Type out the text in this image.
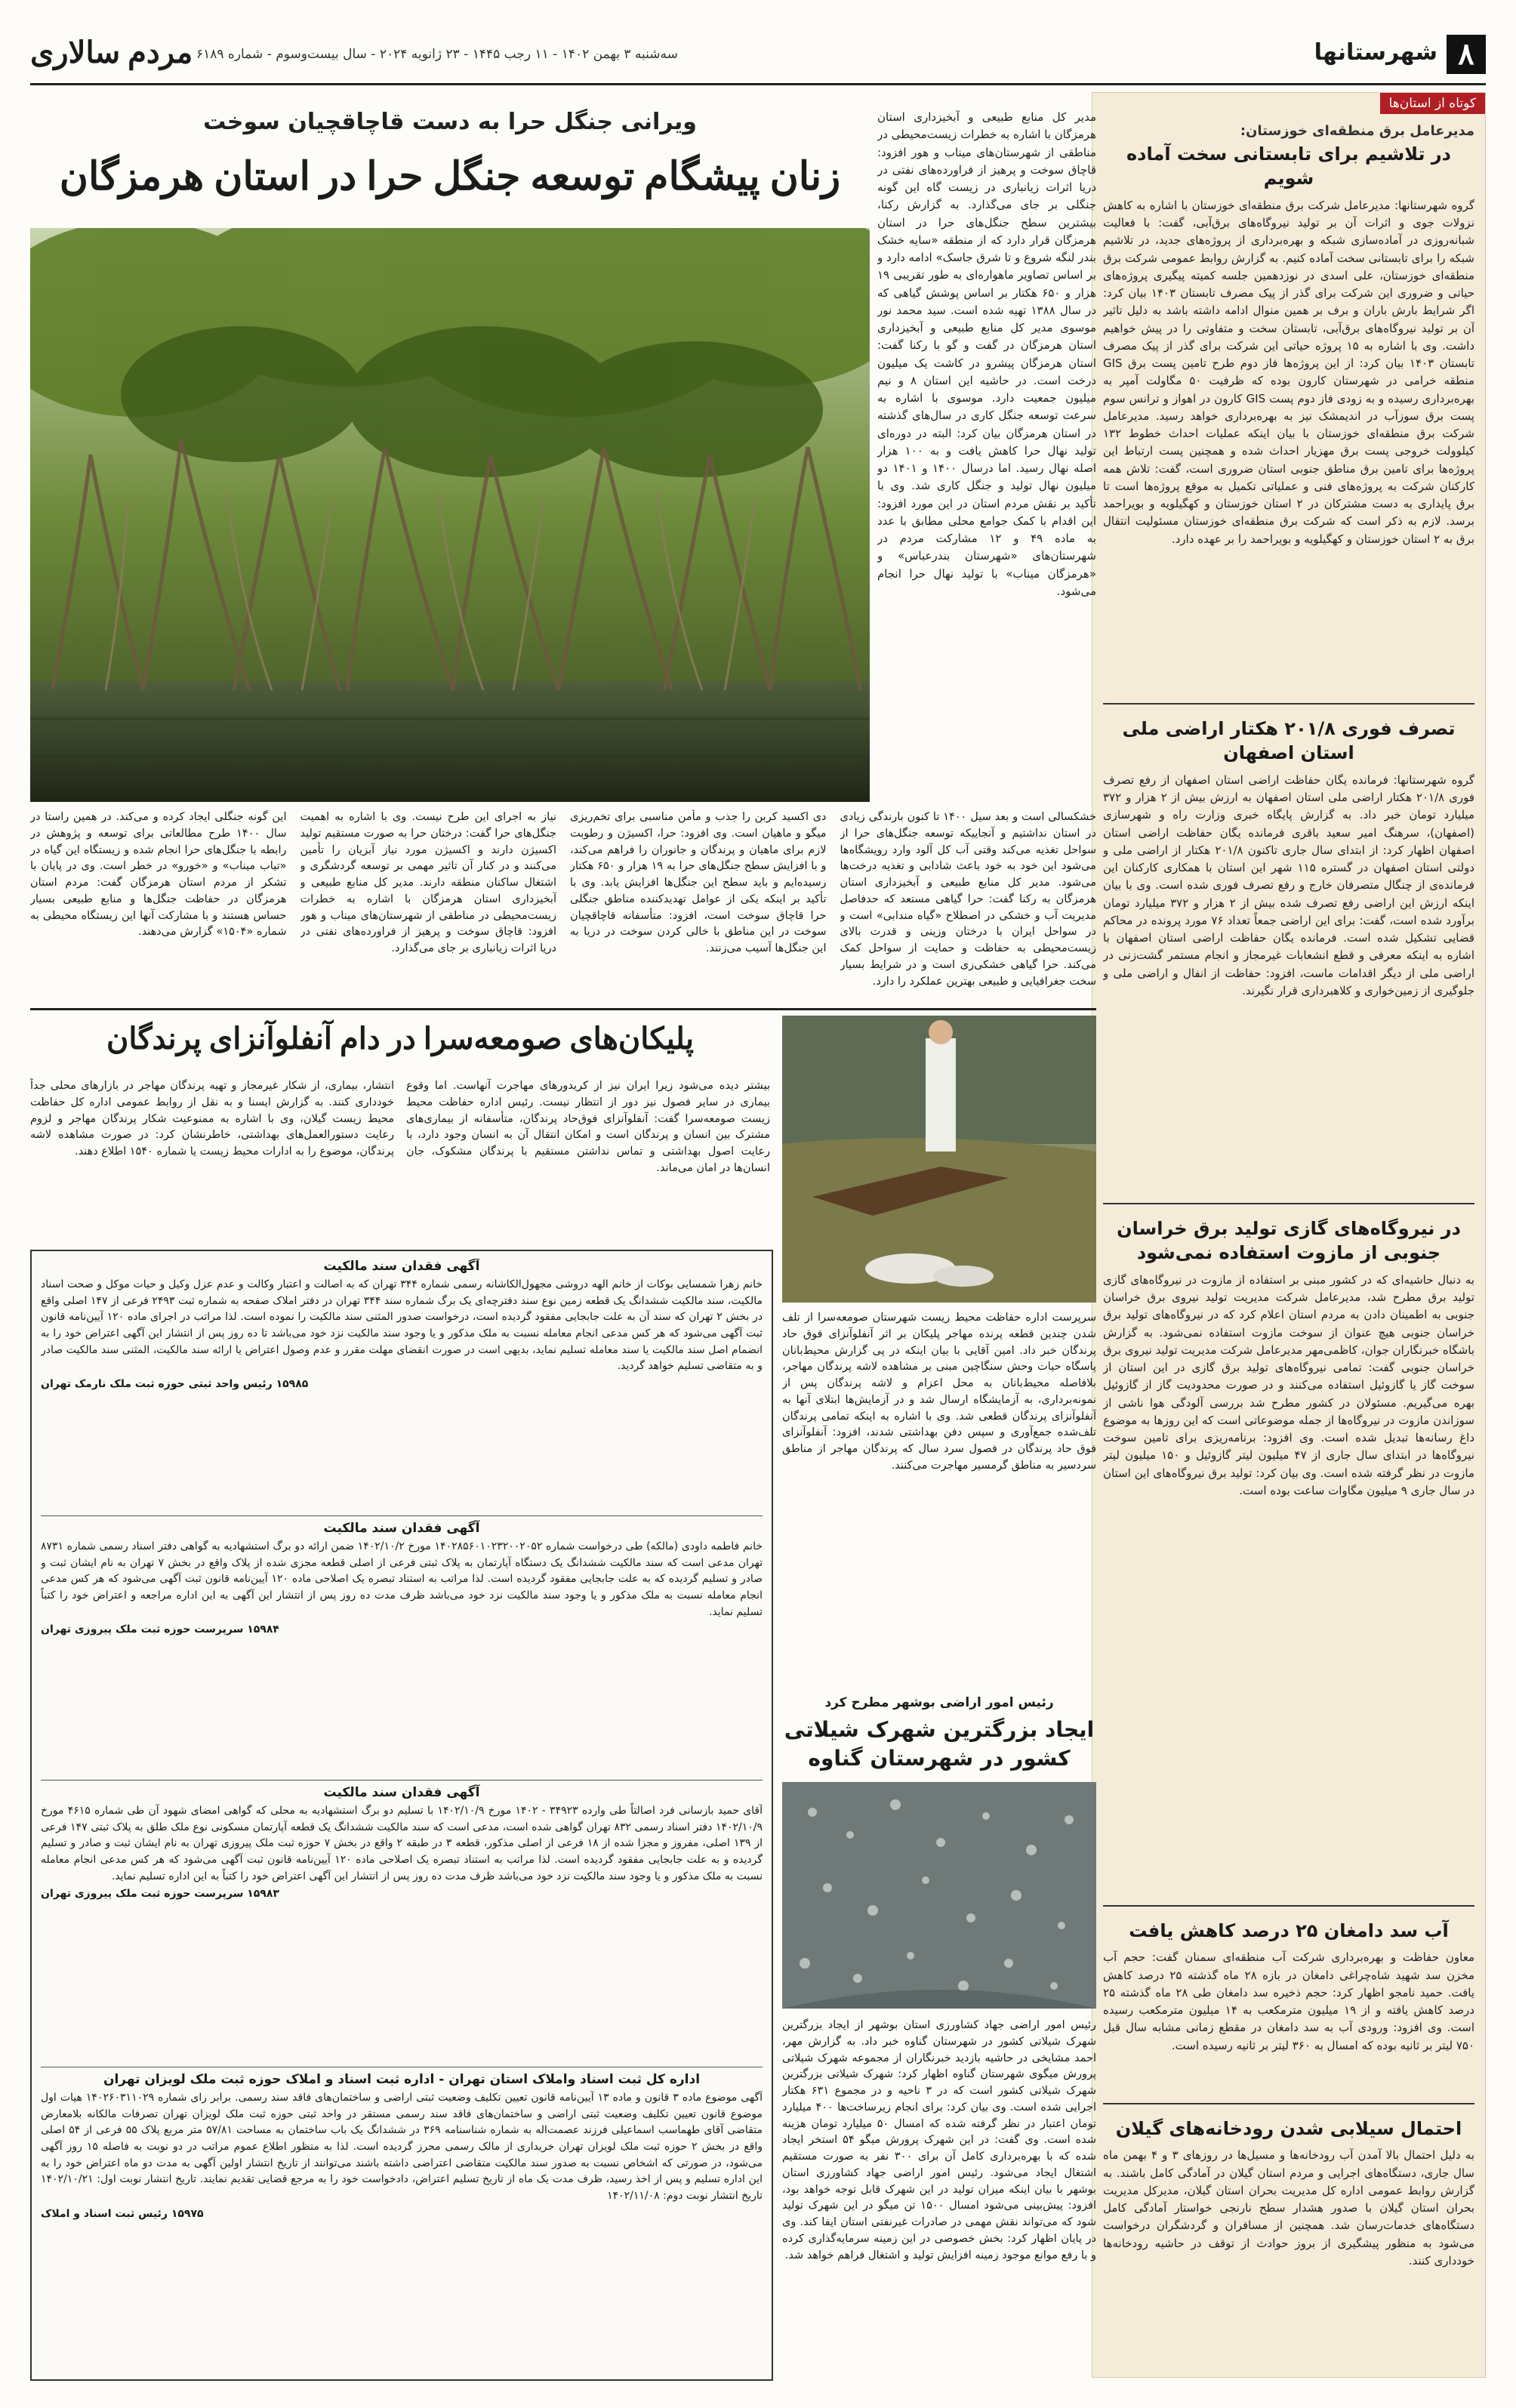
۸
شهرستانها
مردم سالاری سه‌شنبه ۳ بهمن ۱۴۰۲ - ۱۱ رجب ۱۴۴۵ - ۲۳ ژانویه ۲۰۲۴ - سال بیست‌وسوم - شماره ۶۱۸۹
کوتاه از استان‌ها
مدیرعامل برق منطقه‌ای خوزستان:
در تلاشیم برای تابستانی سخت آماده شویم
گروه شهرستانها: مدیرعامل شرکت برق منطقه‌ای خوزستان با اشاره به کاهش نزولات جوی و اثرات آن بر تولید نیروگاه‌های برق‌آبی، گفت: با فعالیت شبانه‌روزی در آماده‌سازی شبکه و بهره‌برداری از پروژه‌های جدید، در تلاشیم شبکه را برای تابستانی سخت آماده کنیم. به گزارش روابط عمومی شرکت برق منطقه‌ای خوزستان، علی اسدی در نوزدهمین جلسه کمیته پیگیری پروژه‌های حیاتی و ضروری این شرکت برای گذر از پیک مصرف تابستان ۱۴۰۳ بیان کرد: اگر شرایط بارش باران و برف بر همین منوال ادامه داشته باشد به دلیل تاثیر آن بر تولید نیروگاه‌های برق‌آبی، تابستان سخت و متفاوتی را در پیش خواهیم داشت. وی با اشاره به ۱۵ پروژه حیاتی این شرکت برای گذر از پیک مصرف تابستان ۱۴۰۳ بیان کرد: از این پروژه‌ها فاز دوم طرح تامین پست برق GIS منطقه خرامی در شهرستان کارون بوده که ظرفیت ۵۰ مگاولت آمپر به بهره‌برداری رسیده و به زودی فاز دوم پست GIS کارون در اهواز و ترانس سوم پست برق سوزآب در اندیمشک نیز به بهره‌برداری خواهد رسید. مدیرعامل شرکت برق منطقه‌ای خوزستان با بیان اینکه عملیات احداث خطوط ۱۳۲ کیلوولت خروجی پست برق مهزیار احداث شده و همچنین پست ارتباط این پروژه‌ها برای تامین برق مناطق جنوبی استان ضروری است، گفت: تلاش همه کارکنان شرکت به پروژه‌های فنی و عملیاتی تکمیل به موقع پروژه‌ها است تا برق پایداری به دست مشترکان در ۲ استان خوزستان و کهگیلویه و بویراحمد برسد. لازم به ذکر است که شرکت برق منطقه‌ای خوزستان مسئولیت انتقال برق به ۲ استان خوزستان و کهگیلویه و بویراحمد را بر عهده دارد.
تصرف فوری ۲۰۱/۸ هکتار اراضی ملی استان اصفهان
گروه شهرستانها: فرمانده یگان حفاظت اراضی استان اصفهان از رفع تصرف فوری ۲۰۱/۸ هکتار اراضی ملی استان اصفهان به ارزش بیش از ۲ هزار و ۳۷۲ میلیارد تومان خبر داد. به گزارش پایگاه خبری وزارت راه و شهرسازی (اصفهان)، سرهنگ امیر سعید باقری فرمانده یگان حفاظت اراضی استان اصفهان اظهار کرد: از ابتدای سال جاری تاکنون ۲۰۱/۸ هکتار از اراضی ملی و دولتی استان اصفهان در گستره ۱۱۵ شهر این استان با همکاری کارکنان این فرمانده‌ی از چنگال متصرفان خارج و رفع تصرف فوری شده است. وی با بیان اینکه ارزش این اراضی رفع تصرف شده بیش از ۲ هزار و ۳۷۲ میلیارد تومان برآورد شده است، گفت: برای این اراضی جمعاً تعداد ۷۶ مورد پرونده در محاکم قضایی تشکیل شده است. فرمانده یگان حفاظت اراضی استان اصفهان با اشاره به اینکه معرفی و قطع انشعابات غیرمجاز و انجام مستمر گشت‌زنی در اراضی ملی از دیگر اقدامات ماست، افزود: حفاظت از انفال و اراضی ملی و جلوگیری از زمین‌خواری و کلاهبرداری قرار نگیرند.
در نیروگاه‌های گازی تولید برق خراسان جنوبی از مازوت استفاده نمی‌شود
به دنبال حاشیه‌ای که در کشور مبنی بر استفاده از مازوت در نیروگاه‌های گازی تولید برق مطرح شد، مدیرعامل شرکت مدیریت تولید نیروی برق خراسان جنوبی به اطمینان دادن به مردم استان اعلام کرد که در نیروگاه‌های تولید برق خراسان جنوبی هیچ عنوان از سوخت مازوت استفاده نمی‌شود. به گزارش باشگاه خبرنگاران جوان، کاظمی‌مهر مدیرعامل شرکت مدیریت تولید نیروی برق خراسان جنوبی گفت: تمامی نیروگاه‌های تولید برق گازی در این استان از سوخت گاز یا گازوئیل استفاده می‌کنند و در صورت محدودیت گاز از گازوئیل بهره می‌گیریم. مسئولان در کشور مطرح شد بررسی آلودگی هوا ناشی از سوزاندن مازوت در نیروگاه‌ها از جمله موضوعاتی است که این روزها به موضوع داغ رسانه‌ها تبدیل شده است. وی افزود: برنامه‌ریزی برای تامین سوخت نیروگاه‌ها در ابتدای سال جاری از ۴۷ میلیون لیتر گازوئیل و ۱۵۰ میلیون لیتر مازوت در نظر گرفته شده است. وی بیان کرد: تولید برق نیروگاه‌های این استان در سال جاری ۹ میلیون مگاوات ساعت بوده است.
آب سد دامغان ۲۵ درصد کاهش یافت
معاون حفاظت و بهره‌برداری شرکت آب منطقه‌ای سمنان گفت: حجم آب مخزن سد شهید شاه‌چراغی دامغان در بازه ۲۸ ماه گذشته ۲۵ درصد کاهش یافت. حمید نامجو اظهار کرد: حجم ذخیره سد دامغان طی ۲۸ ماه گذشته ۲۵ درصد کاهش یافته و از ۱۹ میلیون مترمکعب به ۱۴ میلیون مترمکعب رسیده است. وی افزود: ورودی آب به سد دامغان در مقطع زمانی مشابه سال قبل ۷۵۰ لیتر بر ثانیه بوده که امسال به ۳۶۰ لیتر بر ثانیه رسیده است.
احتمال سیلابی شدن رودخانه‌های گیلان
به دلیل احتمال بالا آمدن آب رودخانه‌ها و مسیل‌ها در روزهای ۳ و ۴ بهمن ماه سال جاری، دستگاه‌های اجرایی و مردم استان گیلان در آمادگی کامل باشند. به گزارش روابط عمومی اداره کل مدیریت بحران استان گیلان، مدیرکل مدیریت بحران استان گیلان با صدور هشدار سطح نارنجی خواستار آمادگی کامل دستگاه‌های خدمات‌رسان شد. همچنین از مسافران و گردشگران درخواست می‌شود به منظور پیشگیری از بروز حوادث از توقف در حاشیه رودخانه‌ها خودداری کنند.
مدیر کل منابع طبیعی و آبخیزداری استان هرمزگان با اشاره به خطرات زیست‌محیطی در مناطقی از شهرستان‌های میناب و هور افزود: قاچاق سوخت و پرهیز از فراورده‌های نفتی در دریا اثرات زیانباری در زیست گاه این گونه جنگلی بر جای می‌گذارد. به گزارش رکنا، بیشترین سطح جنگل‌های حرا در استان هرمزگان قرار دارد که از منطقه «سایه خشک بندر لنگه شروع و تا شرق جاسک» ادامه دارد و بر اساس تصاویر ماهواره‌ای به طور تقریبی ۱۹ هزار و ۶۵۰ هکتار بر اساس پوشش گیاهی که در سال ۱۳۸۸ تهیه شده است. سید محمد نور موسوی مدیر کل منابع طبیعی و آبخیزداری استان هرمزگان در گفت و گو با رکنا گفت: استان هرمزگان پیشرو در کاشت یک میلیون درخت است. در حاشیه این استان ۸ و نیم میلیون جمعیت دارد. موسوی با اشاره به سرعت توسعه جنگل کاری در سال‌های گذشته در استان هرمزگان بیان کرد: البته در دوره‌ای تولید نهال حرا کاهش یافت و به ۱۰۰ هزار اصله نهال رسید. اما درسال ۱۴۰۰ و ۱۴۰۱ دو میلیون نهال تولید و جنگل کاری شد. وی با تأکید بر نقش مردم استان در این مورد افزود: این اقدام با کمک جوامع محلی مطابق با عدد به ماده ۴۹ و ۱۲ مشارکت مردم در شهرستان‌های «شهرستان بندرعباس» و «هرمزگان میناب» با تولید نهال حرا انجام می‌شود.
ویرانی جنگل حرا به دست قاچاقچیان سوخت
زنان پیشگام توسعه جنگل حرا در استان هرمزگان
خشکسالی است و بعد سیل ۱۴۰۰ تا کنون بارندگی زیادی در استان نداشتیم و آنجاییکه توسعه جنگل‌های حرا از سواحل تغذیه می‌کند وقتی آب کل آلود وارد رویشگاه‌ها می‌شود این خود به خود باعث شادابی و تغذیه درخت‌ها می‌شود. مدیر کل منابع طبیعی و آبخیزداری استان هرمزگان به رکنا گفت: حرا گیاهی مستعد که حدفاصل مدیریت آب و خشکی در اصطلاح «گیاه مندابی» است و در سواحل ایران با درختان وزینی و قدرت بالای زیست‌محیطی به حفاظت و حمایت از سواحل کمک می‌کند. حرا گیاهی خشکی‌زی است و در شرایط بسیار سخت جغرافیایی و طبیعی بهترین عملکرد را دارد.
دی اکسید کربن را جذب و مأمن مناسبی برای تخم‌ریزی میگو و ماهیان است. وی افزود: حرا، اکسیژن و رطوبت لازم برای ماهیان و پرندگان و جانوران را فراهم می‌کند، و با افزایش سطح جنگل‌های حرا به ۱۹ هزار و ۶۵۰ هکتار رسیده‌ایم و باید سطح این جنگل‌ها افزایش یابد. وی با تأکید بر اینکه یکی از عوامل تهدیدکننده مناطق جنگلی حرا قاچاق سوخت است، افزود: متأسفانه قاچاقچیان سوخت در این مناطق با خالی کردن سوخت در دریا به این جنگل‌ها آسیب می‌زنند.
نیاز به اجرای این طرح نیست. وی با اشاره به اهمیت جنگل‌های حرا گفت: درختان حرا به صورت مستقیم تولید اکسیژن دارند و اکسیژن مورد نیاز آبزیان را تأمین می‌کنند و در کنار آن تاثیر مهمی بر توسعه گردشگری و اشتغال ساکنان منطقه دارند. مدیر کل منابع طبیعی و آبخیزداری استان هرمزگان با اشاره به خطرات زیست‌محیطی در مناطقی از شهرستان‌های میناب و هور افزود: قاچاق سوخت و پرهیز از فراورده‌های نفتی در دریا اثرات زیانباری بر جای می‌گذارد.
این گونه جنگلی ایجاد کرده و می‌کند. در همین راستا در سال ۱۴۰۰ طرح مطالعاتی برای توسعه و پژوهش در رابطه با جنگل‌های حرا انجام شده و زیستگاه این گیاه در «تیاب میناب» و «خورو» در خطر است. وی در پایان با تشکر از مردم استان هرمزگان گفت: مردم استان هرمزگان در حفاظت جنگل‌ها و منابع طبیعی بسیار حساس هستند و با مشارکت آنها این زیستگاه محیطی به شماره «۱۵۰۴» گزارش می‌دهند.
پلیکان‌های صومعه‌سرا در دام آنفلوآنزای پرندگان
بیشتر دیده می‌شود زیرا ایران نیز از کریدورهای مهاجرت آنهاست. اما وقوع بیماری در سایر فصول نیز دور از انتظار نیست. رئیس اداره حفاظت محیط زیست صومعه‌سرا گفت: آنفلوآنزای فوق‌حاد پرندگان، متأسفانه از بیماری‌های مشترک بین انسان و پرندگان است و امکان انتقال آن به انسان وجود دارد، با رعایت اصول بهداشتی و تماس نداشتن مستقیم با پرندگان مشکوک، جان انسان‌ها در امان می‌ماند.
انتشار، بیماری، از شکار غیرمجاز و تهیه پرندگان مهاجر در بازارهای محلی جداً خودداری کنند. به گزارش ایسنا و به نقل از روابط عمومی اداره کل حفاظت محیط زیست گیلان، وی با اشاره به ممنوعیت شکار پرندگان مهاجر و لزوم رعایت دستورالعمل‌های بهداشتی، خاطرنشان کرد: در صورت مشاهده لاشه پرندگان، موضوع را به ادارات محیط زیست یا شماره ۱۵۴۰ اطلاع دهند.
سرپرست اداره حفاظت محیط زیست شهرستان صومعه‌سرا از تلف شدن چندین قطعه پرنده مهاجر پلیکان بر اثر آنفلوآنزای فوق حاد پرندگان خبر داد. امین آقایی با بیان اینکه در پی گزارش محیط‌بانان پاسگاه حیات وحش سنگاچین مبنی بر مشاهده لاشه پرندگان مهاجر، بلافاصله محیط‌بانان به محل اعزام و لاشه پرندگان پس از نمونه‌برداری، به آزمایشگاه ارسال شد و در آزمایش‌ها ابتلای آنها به آنفلوآنزای پرندگان قطعی شد. وی با اشاره به اینکه تمامی پرندگان تلف‌شده جمع‌آوری و سپس دفن بهداشتی شدند، افزود: آنفلوآنزای فوق حاد پرندگان در فصول سرد سال که پرندگان مهاجر از مناطق سردسیر به مناطق گرمسیر مهاجرت می‌کنند.
آگهی فقدان سند مالکیت
خانم زهرا شمسایی بوکات از خانم الهه دروشی مجهول‌الکاشانه رسمی شماره ۳۴۴ تهران که به اصالت و اعتبار وکالت و عدم عزل وکیل و حیات موکل و صحت اسناد مالکیت، سند مالکیت ششدانگ یک قطعه زمین نوع سند دفترچه‌ای یک‌ برگ شماره سند ۳۴۴ تهران در دفتر املاک صفحه به شماره ثبت ۲۴۹۳ فرعی از ۱۴۷ اصلی واقع در بخش ۲ تهران که سند آن به علت جابجایی مفقود گردیده است، درخواست صدور المثنی سند مالکیت را نموده است. لذا مراتب در اجرای ماده ۱۲۰ آیین‌نامه قانون ثبت آگهی می‌شود که هر کس مدعی انجام معامله نسبت به ملک مذکور و یا وجود سند مالکیت نزد خود می‌باشد تا ده روز پس از انتشار این آگهی اعتراض خود را به انضمام اصل سند مالکیت یا سند معامله تسلیم نماید، بدیهی است در صورت انقضای مهلت مقرر و عدم وصول اعتراض یا ارائه سند مالکیت، المثنی سند مالکیت صادر و به متقاضی تسلیم خواهد گردید.
۱۵۹۸۵ رئیس واحد ثبتی حوزه ثبت ملک نارمک تهران
آگهی فقدان سند مالکیت
خانم فاطمه داودی (مالکه) طی درخواست شماره ۱۴۰۲۸۵۶۰۱۰۲۳۲۰۰۲۰۵۲ مورخ ۱۴۰۲/۱۰/۲ ضمن ارائه دو برگ استشهادیه به گواهی دفتر اسناد رسمی شماره ۸۷۳۱ تهران مدعی است که سند مالکیت ششدانگ یک دستگاه آپارتمان به پلاک ثبتی فرعی از اصلی قطعه مجزی شده از پلاک واقع در بخش ۷ تهران به نام ایشان ثبت و صادر و تسلیم گردیده که به علت جابجایی مفقود گردیده است. لذا مراتب به استناد تبصره یک اصلاحی ماده ۱۲۰ آیین‌نامه قانون ثبت آگهی می‌شود که هر کس مدعی انجام معامله نسبت به ملک مذکور و یا وجود سند مالکیت نزد خود می‌باشد ظرف مدت ده روز پس از انتشار این آگهی به این اداره مراجعه و اعتراض خود را کتباً تسلیم نماید.
۱۵۹۸۴ سرپرست حوزه ثبت ملک پیروزی تهران
آگهی فقدان سند مالکیت
آقای حمید بازسانی فرد اصالتاً طی وارده ۳۴۹۲۳ - ۱۴۰۲ مورخ ۱۴۰۲/۱۰/۹ با تسلیم دو برگ استشهادیه به محلی که گواهی امضای شهود آن طی شماره ۴۶۱۵ مورخ ۱۴۰۲/۱۰/۹ دفتر اسناد رسمی ۸۳۲ تهران گواهی شده است، مدعی است که سند مالکیت ششدانگ یک قطعه آپارتمان مسکونی نوع ملک طلق به پلاک ثبتی ۱۴۷ فرعی از ۱۳۹ اصلی، مفروز و مجزا شده از ۱۸ فرعی از اصلی مذکور، قطعه ۳ در طبقه ۲ واقع در بخش ۷ حوزه ثبت ملک پیروزی تهران به نام ایشان ثبت و صادر و تسلیم گردیده و به علت جابجایی مفقود گردیده است. لذا مراتب به استناد تبصره یک اصلاحی ماده ۱۲۰ آیین‌نامه قانون ثبت آگهی می‌شود که هر کس مدعی انجام معامله نسبت به ملک مذکور و یا وجود سند مالکیت نزد خود می‌باشد ظرف مدت ده روز پس از انتشار این آگهی اعتراض خود را کتباً به این اداره تسلیم نماید.
۱۵۹۸۳ سرپرست حوزه ثبت ملک پیروزی تهران
اداره کل ثبت اسناد واملاک استان تهران - اداره ثبت اسناد و املاک حوزه ثبت ملک لویزان تهران
آگهی موضوع ماده ۳ قانون و ماده ۱۳ آیین‌نامه قانون تعیین تکلیف وضعیت ثبتی اراضی و ساختمان‌های فاقد سند رسمی. برابر رای شماره ۱۴۰۲۶۰۳۱۱۰۲۹ هیات اول موضوع قانون تعیین تکلیف وضعیت ثبتی اراضی و ساختمان‌های فاقد سند رسمی مستقر در واحد ثبتی حوزه ثبت ملک لویزان تهران تصرفات مالکانه بلامعارض متقاضی آقای طهماسب اسماعیلی فرزند عصمت‌اله به شماره شناسنامه ۳۶۹ در ششدانگ یک باب ساختمان به مساحت ۵۷/۸۱ متر مربع پلاک ۵۵ فرعی از ۵۴ اصلی واقع در بخش ۲ حوزه ثبت ملک لویزان تهران خریداری از مالک رسمی محرز گردیده است. لذا به منظور اطلاع عموم مراتب در دو نوبت به فاصله ۱۵ روز آگهی می‌شود، در صورتی که اشخاص نسبت به صدور سند مالکیت متقاضی اعتراضی داشته باشند می‌توانند از تاریخ انتشار اولین آگهی به مدت دو ماه اعتراض خود را به این اداره تسلیم و پس از اخذ رسید، ظرف مدت یک ماه از تاریخ تسلیم اعتراض، دادخواست خود را به مرجع قضایی تقدیم نمایند. تاریخ انتشار نوبت اول: ۱۴۰۲/۱۰/۲۱ تاریخ انتشار نوبت دوم: ۱۴۰۲/۱۱/۰۸
۱۵۹۷۵ رئیس ثبت اسناد و املاک
رئیس امور اراضی بوشهر مطرح کرد
ایجاد بزرگترین شهرک شیلاتی کشور در شهرستان گناوه
رئیس امور اراضی جهاد کشاورزی استان بوشهر از ایجاد بزرگترین شهرک شیلاتی کشور در شهرستان گناوه خبر داد. به گزارش مهر، احمد مشایخی در حاشیه بازدید خبرنگاران از مجموعه شهرک شیلاتی پرورش میگوی شهرستان گناوه اظهار کرد: شهرک شیلاتی بزرگترین شهرک شیلاتی کشور است که در ۳ ناحیه و در مجموع ۶۳۱ هکتار اجرایی شده است. وی بیان کرد: برای انجام زیرساخت‌ها ۴۰۰ میلیارد تومان اعتبار در نظر گرفته شده که امسال ۵۰ میلیارد تومان هزینه شده است. وی گفت: در این شهرک پرورش میگو ۵۴ استخر ایجاد شده که با بهره‌برداری کامل آن برای ۳۰۰ نفر به صورت مستقیم اشتغال ایجاد می‌شود. رئیس امور اراضی جهاد کشاورزی استان بوشهر با بیان اینکه میزان تولید در این شهرک قابل توجه خواهد بود، افزود: پیش‌بینی می‌شود امسال ۱۵۰۰ تن میگو در این شهرک تولید شود که می‌تواند نقش مهمی در صادرات غیرنفتی استان ایفا کند. وی در پایان اظهار کرد: بخش خصوصی در این زمینه سرمایه‌گذاری کرده و با رفع موانع موجود زمینه افزایش تولید و اشتغال فراهم خواهد شد.
